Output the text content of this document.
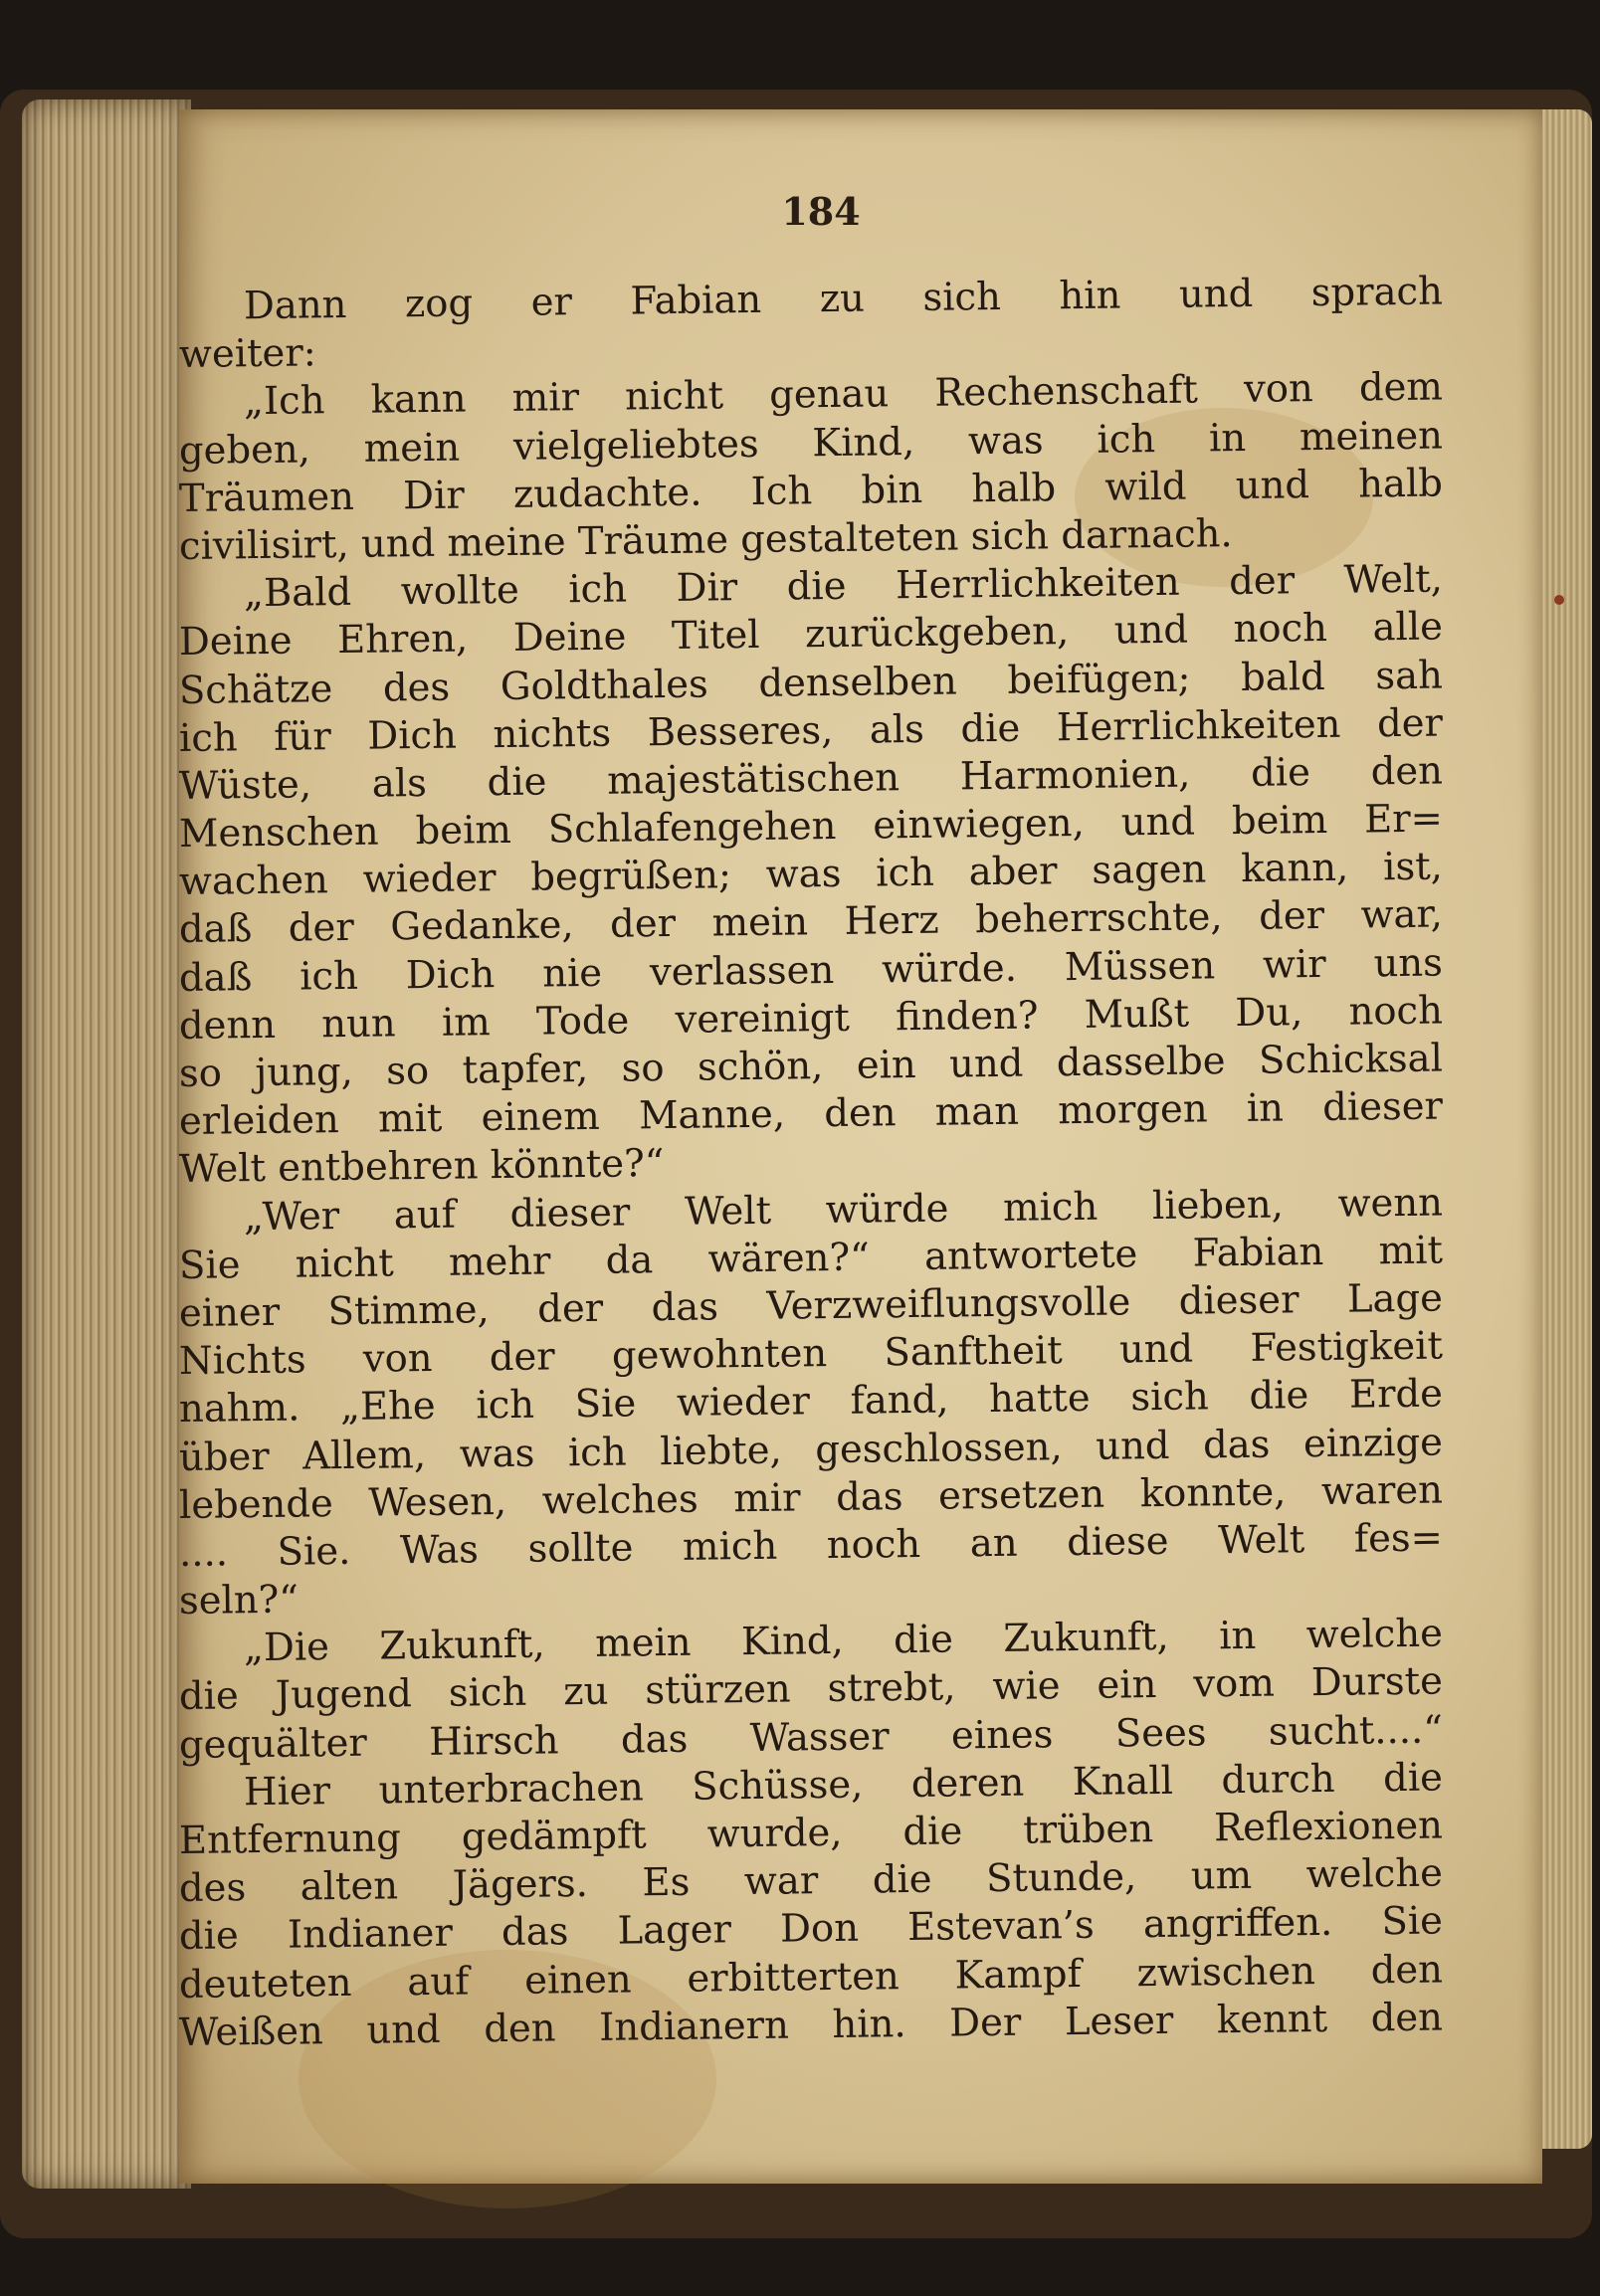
184
Dann zog er Fabian zu sich hin und sprach
weiter:
„Ich kann mir nicht genau Rechenschaft von dem
geben, mein vielgeliebtes Kind, was ich in meinen
Träumen Dir zudachte. Ich bin halb wild und halb
civilisirt, und meine Träume gestalteten sich darnach.
„Bald wollte ich Dir die Herrlichkeiten der Welt,
Deine Ehren, Deine Titel zurückgeben, und noch alle
Schätze des Goldthales denselben beifügen; bald sah
ich für Dich nichts Besseres, als die Herrlichkeiten der
Wüste, als die majestätischen Harmonien, die den
Menschen beim Schlafengehen einwiegen, und beim Er=
wachen wieder begrüßen; was ich aber sagen kann, ist,
daß der Gedanke, der mein Herz beherrschte, der war,
daß ich Dich nie verlassen würde. Müssen wir uns
denn nun im Tode vereinigt finden? Mußt Du, noch
so jung, so tapfer, so schön, ein und dasselbe Schicksal
erleiden mit einem Manne, den man morgen in dieser
Welt entbehren könnte?“
„Wer auf dieser Welt würde mich lieben, wenn
Sie nicht mehr da wären?“ antwortete Fabian mit
einer Stimme, der das Verzweiflungsvolle dieser Lage
Nichts von der gewohnten Sanftheit und Festigkeit
nahm. „Ehe ich Sie wieder fand, hatte sich die Erde
über Allem, was ich liebte, geschlossen, und das einzige
lebende Wesen, welches mir das ersetzen konnte, waren
.... Sie. Was sollte mich noch an diese Welt fes=
seln?“
„Die Zukunft, mein Kind, die Zukunft, in welche
die Jugend sich zu stürzen strebt, wie ein vom Durste
gequälter Hirsch das Wasser eines Sees sucht....“
Hier unterbrachen Schüsse, deren Knall durch die
Entfernung gedämpft wurde, die trüben Reflexionen
des alten Jägers. Es war die Stunde, um welche
die Indianer das Lager Don Estevan’s angriffen. Sie
deuteten auf einen erbitterten Kampf zwischen den
Weißen und den Indianern hin. Der Leser kennt den
